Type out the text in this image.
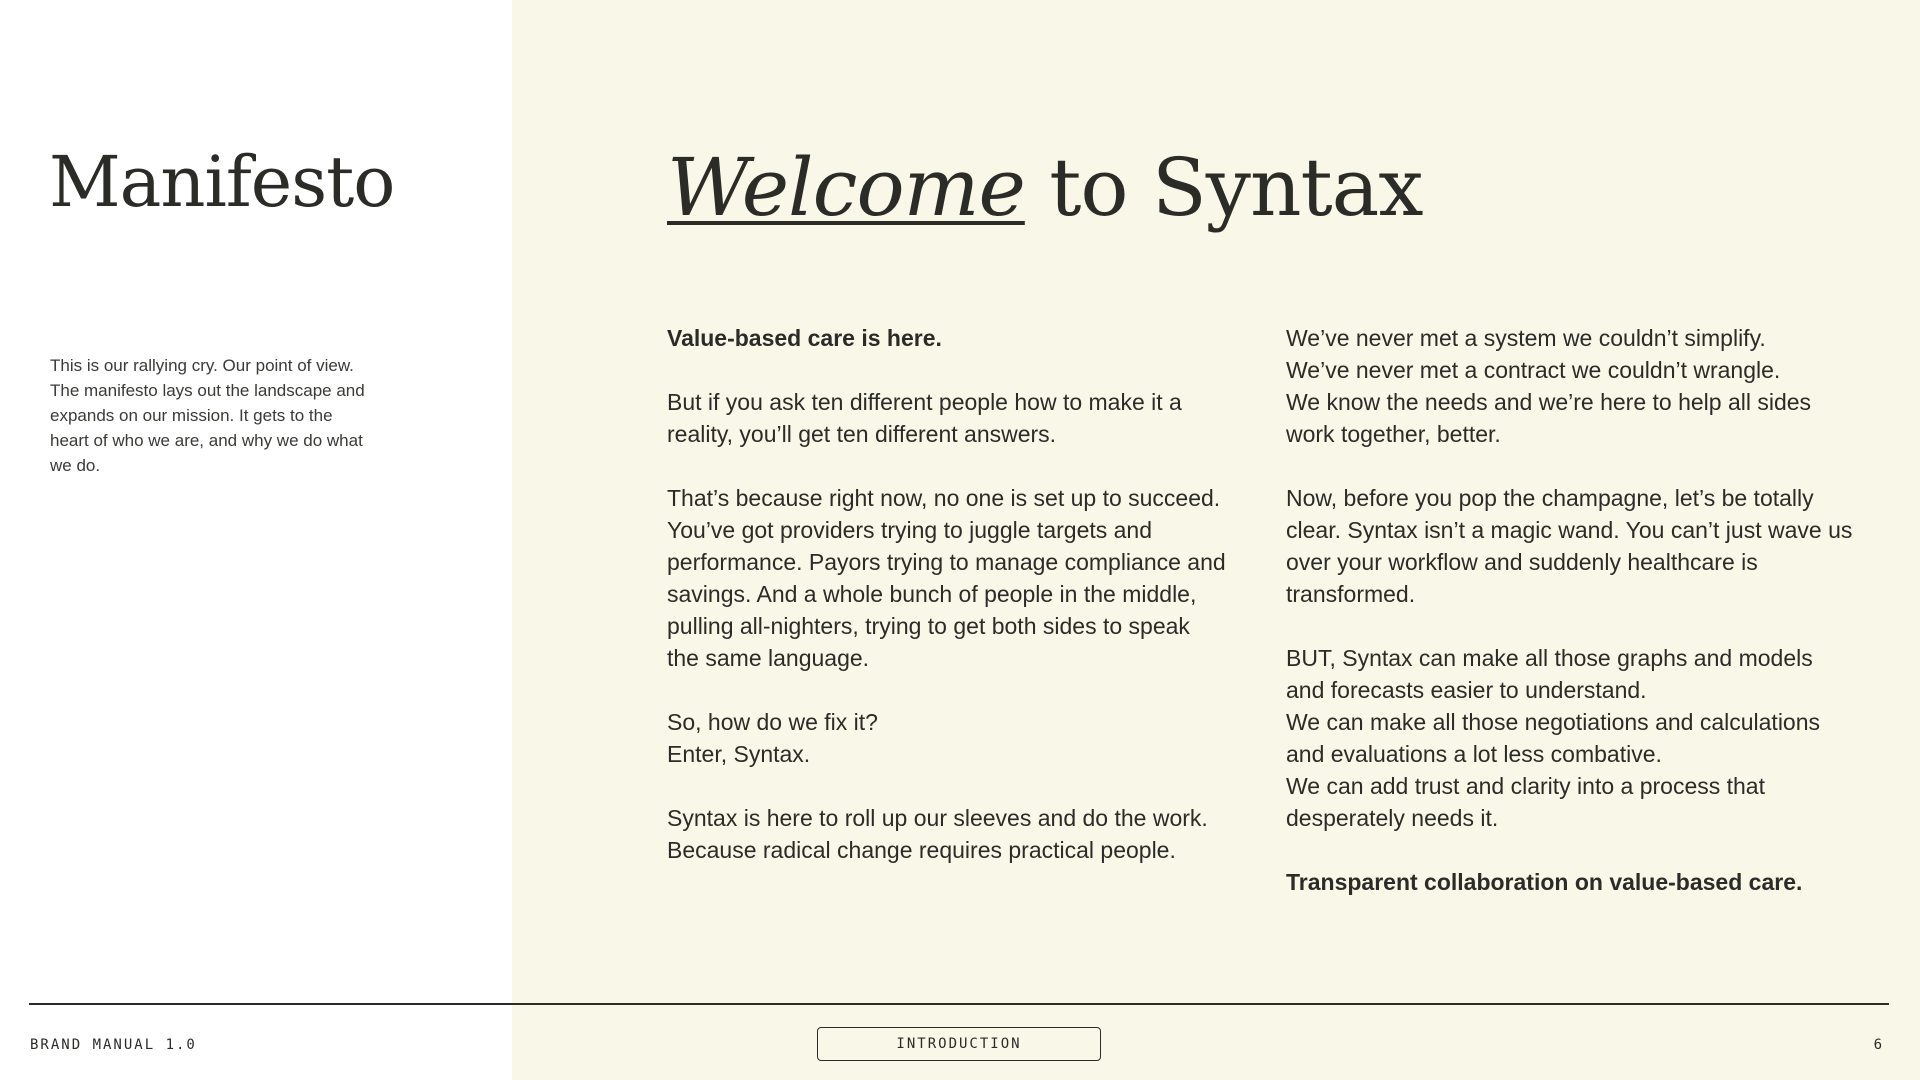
Manifesto

This is our rallying cry. Our point of view. The manifesto lays out the landscape and expands on our mission. It gets to the heart of who we are, and why we do what we do.

Welcome to Syntax

Value-based care is here.

But if you ask ten different people how to make it a reality, you’ll get ten different answers.

That’s because right now, no one is set up to succeed. You’ve got providers trying to juggle targets and performance. Payors trying to manage compliance and savings. And a whole bunch of people in the middle, pulling all-nighters, trying to get both sides to speak the same language.

So, how do we fix it?
Enter, Syntax.

Syntax is here to roll up our sleeves and do the work. Because radical change requires practical people.

We’ve never met a system we couldn’t simplify.
We’ve never met a contract we couldn’t wrangle.
We know the needs and we’re here to help all sides work together, better.

Now, before you pop the champagne, let’s be totally clear. Syntax isn’t a magic wand. You can’t just wave us over your workflow and suddenly healthcare is transformed.

BUT, Syntax can make all those graphs and models and forecasts easier to understand.
We can make all those negotiations and calculations and evaluations a lot less combative.
We can add trust and clarity into a process that desperately needs it.

Transparent collaboration on value-based care.

BRAND MANUAL 1.0	INTRODUCTION	6
